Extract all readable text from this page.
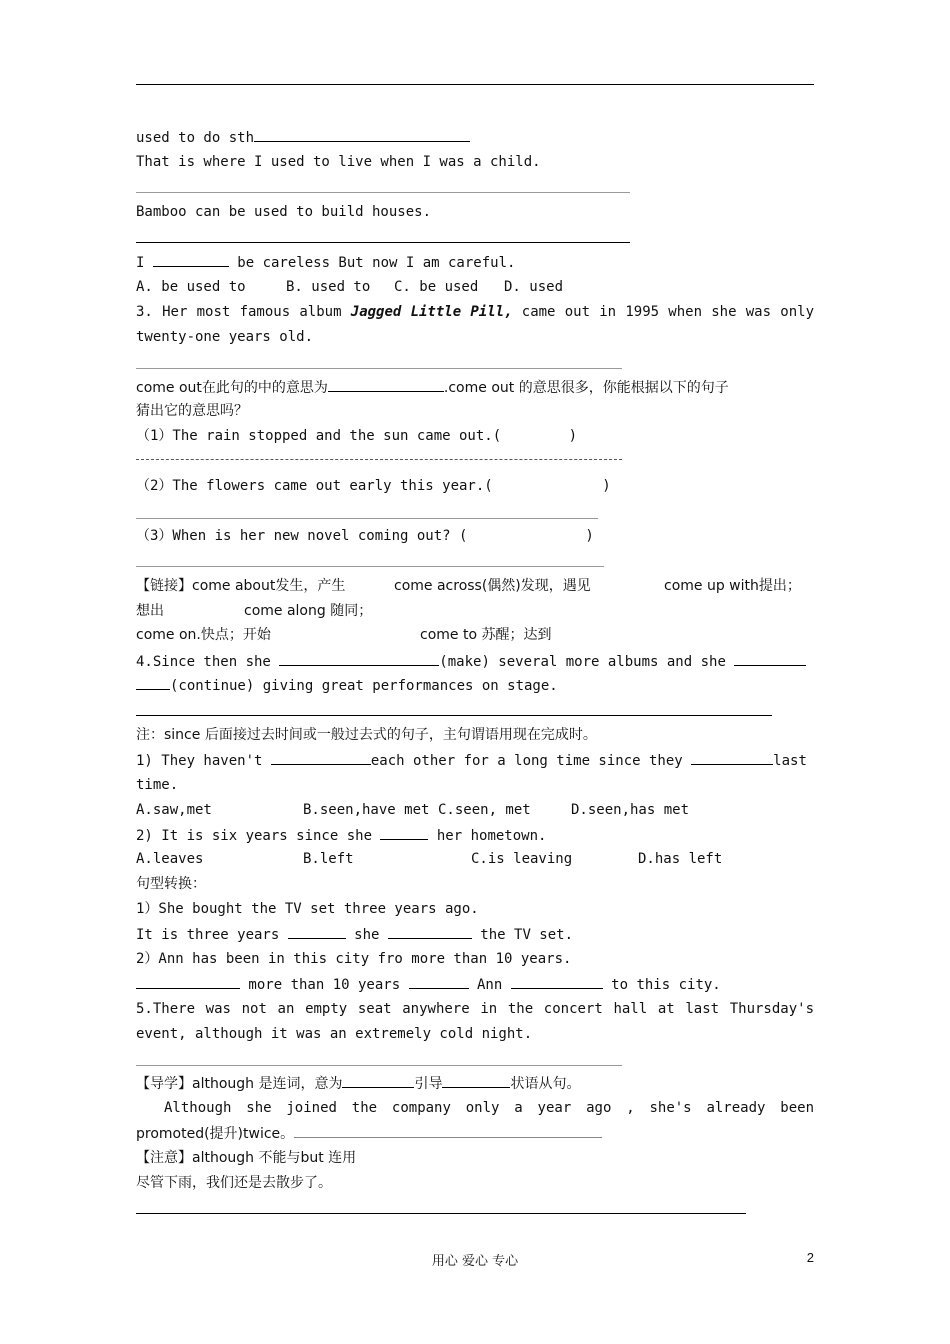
used to do sth
That is where I used to live when I was a child.
Bamboo can be used to build houses.
I	be careless But now I am careful.
A. be used to	B. used to C. be used D. used
3. Her most famous album Jagged Little Pill, came out in 1995 when she was only
twenty-one years old.
come out在此句的中的意思为	.come out 的意思很多，你能根据以下的句子
猜出它的意思吗？
（1）The rain stopped and the sun came out.(        )
（2）The flowers came out early this year.(             )
（3）When is her new novel coming out? (              )
【链接】come about发生，产生	come across(偶然)发现，遇见	come up with提出；
想出	come along 随同；
come on.快点；开始	come to 苏醒；达到
4.Since then she	(make) several more albums and she
(continue) giving great performances on stage.
注：since 后面接过去时间或一般过去式的句子，主句谓语用现在完成时。
1) They haven't	each other for a long time since they	last
time.
A.saw,met	B.seen,have met C.seen, met	D.seen,has met
2) It is six years since she	her hometown.
A.leaves	B.left	C.is leaving	D.has left
句型转换：
1）She bought the TV set three years ago.
It is three years	she	the TV set.
2）Ann has been in this city fro more than 10 years.
more than 10 years	Ann	to this city.
5.There was not an empty seat anywhere in the concert hall at last Thursday's
event, although it was an extremely cold night.
【导学】although 是连词，意为	引导	状语从句。
Although she joined the company only a year ago , she's already been
promoted(提升)twice。
【注意】although 不能与but 连用
尽管下雨，我们还是去散步了。
用心 爱心 专心	2
